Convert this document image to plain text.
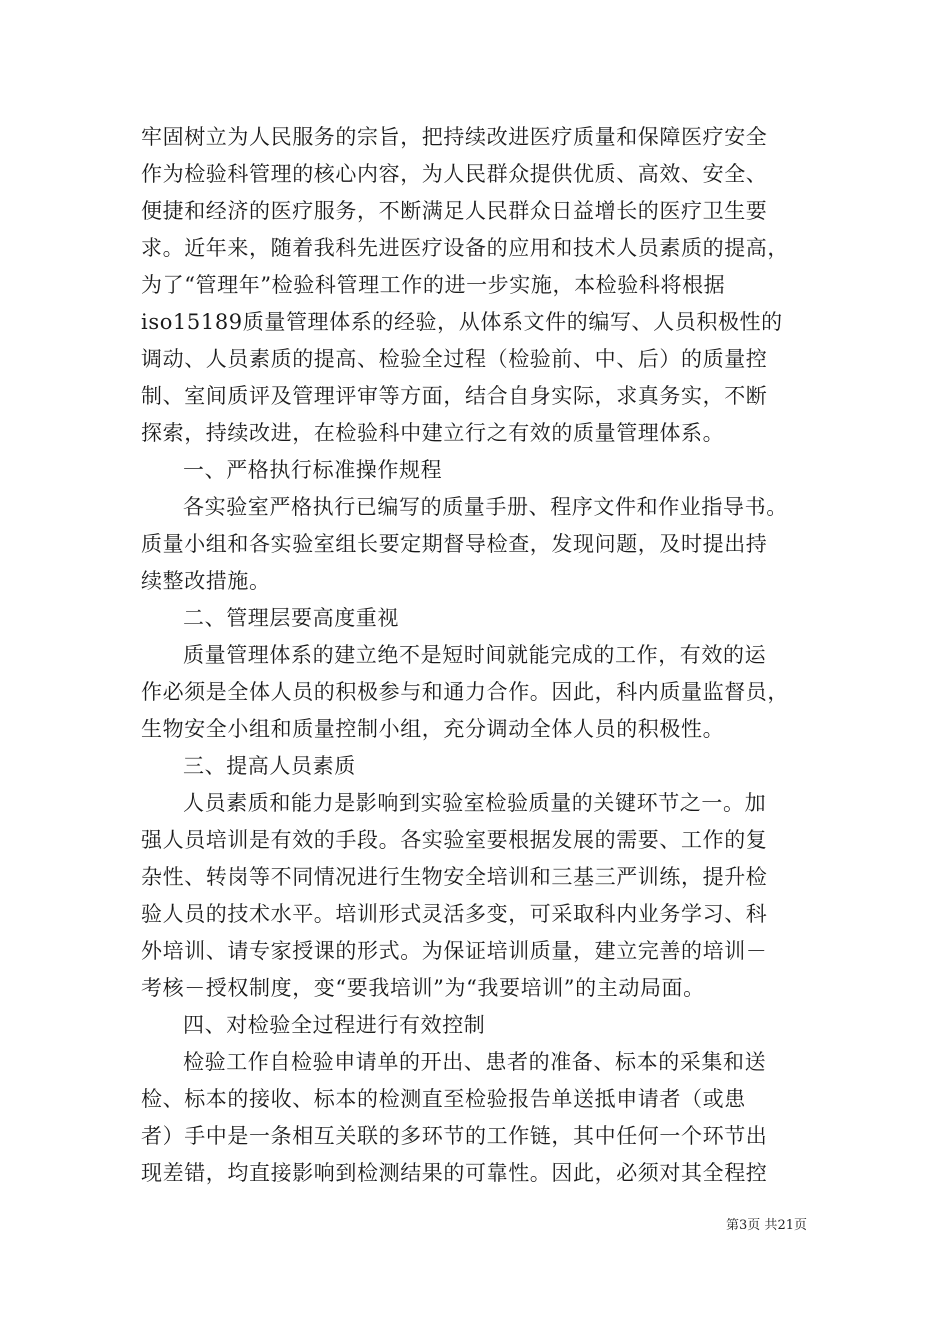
牢固树立为人民服务的宗旨，把持续改进医疗质量和保障医疗安全
作为检验科管理的核心内容，为人民群众提供优质、高效、安全、
便捷和经济的医疗服务，不断满足人民群众日益增长的医疗卫生要
求。近年来，随着我科先进医疗设备的应用和技术人员素质的提高，
为了“管理年”检验科管理工作的进一步实施，本检验科将根据
iso15189质量管理体系的经验，从体系文件的编写、人员积极性的
调动、人员素质的提高、检验全过程（检验前、中、后）的质量控
制、室间质评及管理评审等方面，结合自身实际，求真务实，不断
探索，持续改进，在检验科中建立行之有效的质量管理体系。
一、严格执行标准操作规程
各实验室严格执行已编写的质量手册、程序文件和作业指导书。
质量小组和各实验室组长要定期督导检查，发现问题，及时提出持
续整改措施。
二、管理层要高度重视
质量管理体系的建立绝不是短时间就能完成的工作，有效的运
作必须是全体人员的积极参与和通力合作。因此，科内质量监督员，
生物安全小组和质量控制小组，充分调动全体人员的积极性。
三、提高人员素质
人员素质和能力是影响到实验室检验质量的关键环节之一。加
强人员培训是有效的手段。各实验室要根据发展的需要、工作的复
杂性、转岗等不同情况进行生物安全培训和三基三严训练，提升检
验人员的技术水平。培训形式灵活多变，可采取科内业务学习、科
外培训、请专家授课的形式。为保证培训质量，建立完善的培训－
考核－授权制度，变“要我培训”为“我要培训”的主动局面。
四、对检验全过程进行有效控制
检验工作自检验申请单的开出、患者的准备、标本的采集和送
检、标本的接收、标本的检测直至检验报告单送抵申请者（或患
者）手中是一条相互关联的多环节的工作链，其中任何一个环节出
现差错，均直接影响到检测结果的可靠性。因此，必须对其全程控
第3页 共21页
